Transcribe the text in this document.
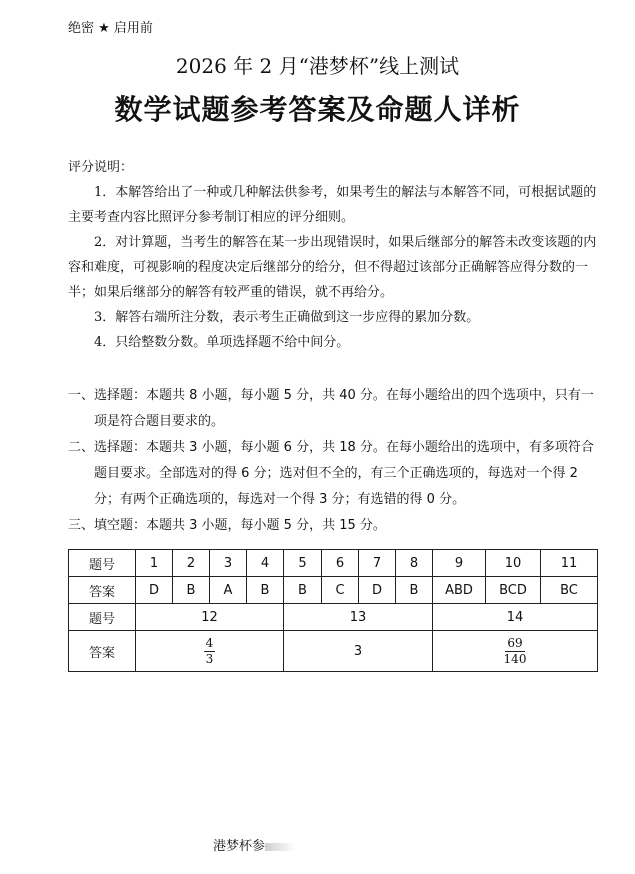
绝密 ★ 启用前
2026 年 2 月“港梦杯”线上测试
数学试题参考答案及命题人详析
评分说明：

1．本解答给出了一种或几种解法供参考，如果考生的解法与本解答不同，可根据试题的主要考查内容比照评分参考制订相应的评分细则。

2．对计算题，当考生的解答在某一步出现错误时，如果后继部分的解答未改变该题的内容和难度，可视影响的程度决定后继部分的给分，但不得超过该部分正确解答应得分数的一半；如果后继部分的解答有较严重的错误，就不再给分。

3．解答右端所注分数，表示考生正确做到这一步应得的累加分数。

4．只给整数分数。单项选择题不给中间分。

一、 选择题：本题共 8 小题，每小题 5 分，共 40 分。在每小题给出的四个选项中，只有一项是符合题目要求的。
二、 选择题：本题共 3 小题，每小题 6 分，共 18 分。在每小题给出的选项中，有多项符合题目要求。全部选对的得 6 分；选对但不全的，有三个正确选项的，每选对一个得 2 分；有两个正确选项的，每选对一个得 3 分；有选错的得 0 分。
三、 填空题：本题共 3 小题，每小题 5 分，共 15 分。
题号	1	2	3	4	5	6	7	8	9	10	11
答案	D	B	A	B	B	C	D	B	ABD	BCD	BC
题号	12				13				14		
答案	$\frac{4}{3}$				3				$\frac{69}{140}$
港梦杯参
